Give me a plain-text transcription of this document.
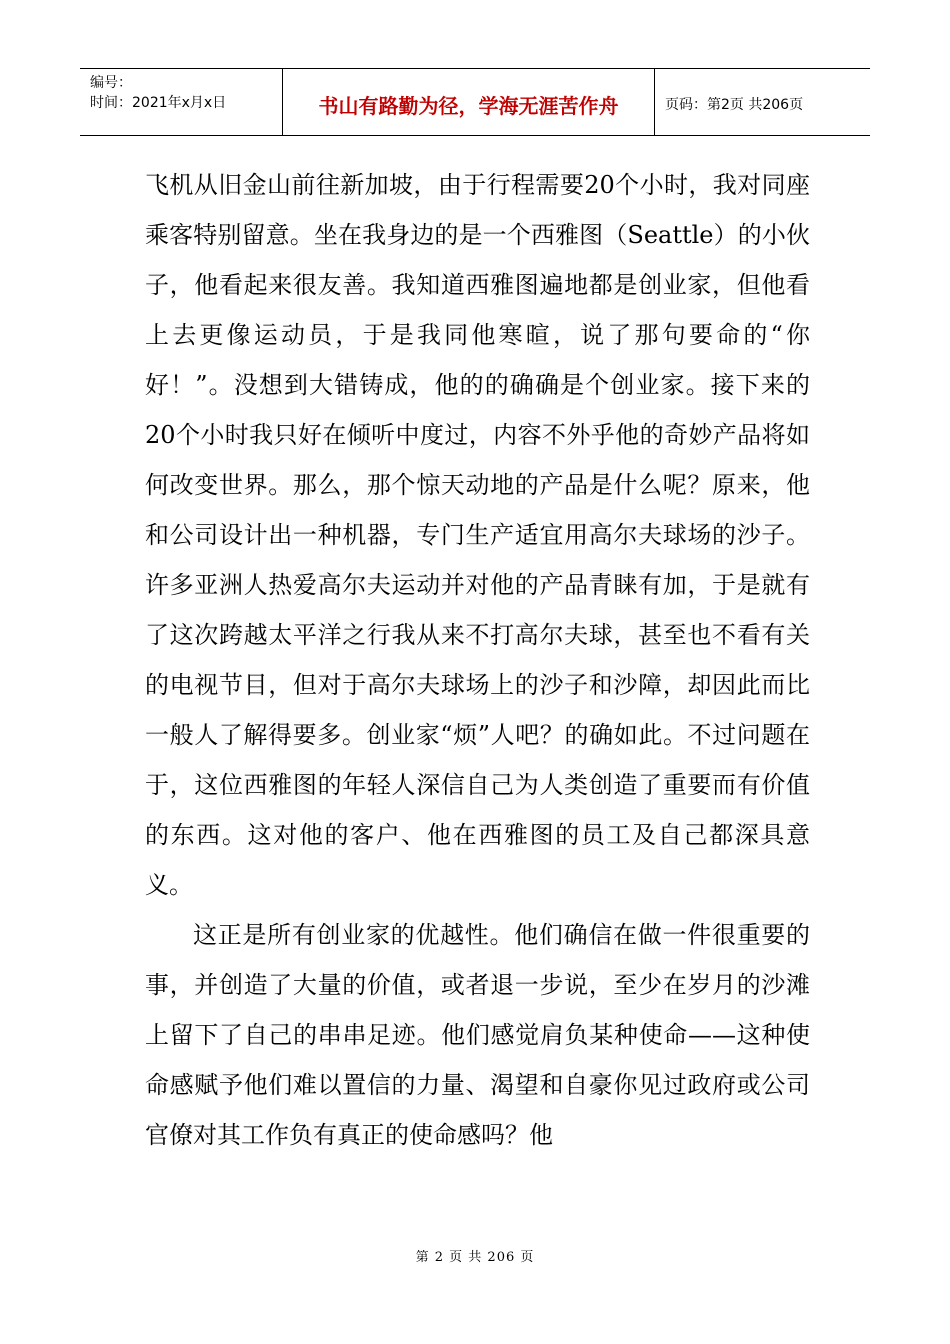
编号：
时间：2021年x月x日	书山有路勤为径，学海无涯苦作舟	页码：第2页 共206页

飞机从旧金山前往新加坡，由于行程需要20个小时，我对同座乘客特别留意。坐在我身边的是一个西雅图（Seattle）的小伙子，他看起来很友善。我知道西雅图遍地都是创业家，但他看上去更像运动员，于是我同他寒暄，说了那句要命的“你好！”。没想到大错铸成，他的的确确是个创业家。接下来的20个小时我只好在倾听中度过，内容不外乎他的奇妙产品将如何改变世界。那么，那个惊天动地的产品是什么呢？原来，他和公司设计出一种机器，专门生产适宜用高尔夫球场的沙子。许多亚洲人热爱高尔夫运动并对他的产品青睐有加，于是就有了这次跨越太平洋之行我从来不打高尔夫球，甚至也不看有关的电视节目，但对于高尔夫球场上的沙子和沙障，却因此而比一般人了解得要多。创业家“烦”人吧？的确如此。不过问题在于，这位西雅图的年轻人深信自己为人类创造了重要而有价值的东西。这对他的客户、他在西雅图的员工及自己都深具意义。

这正是所有创业家的优越性。他们确信在做一件很重要的事，并创造了大量的价值，或者退一步说，至少在岁月的沙滩上留下了自己的串串足迹。他们感觉肩负某种使命——这种使命感赋予他们难以置信的力量、渴望和自豪你见过政府或公司官僚对其工作负有真正的使命感吗？他

第 2 页 共 206 页
